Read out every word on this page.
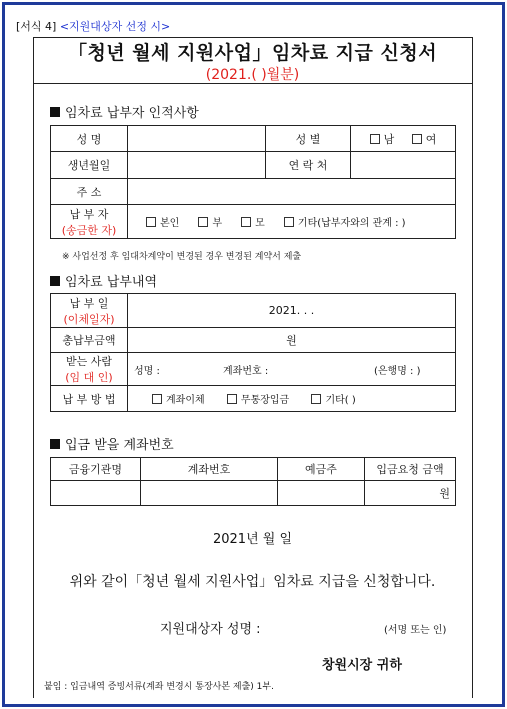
[서식 4] <지원대상자 선정 시>
「청년 월세 지원사업」임차료 지급 신청서
(2021.( )월분)
임차료 납부자 인적사항
성 명		성 별	남 여
생년월일		연 락 처	
주 소			

납 부 자
(송금한 자)	본인 부 모 기타(납부자와의 관계 : )		
※ 사업선정 후 임대차계약이 변경된 경우 변경된 계약서 제출
임차료 납부내역
납 부 일
(이체일자)	2021. . .
총납부금액	원

받는 사람
(임 대 인)	성명 : 계좌번호 : (은행명 : )

납 부 방 법	계좌이체 무통장입금 기타( )
입금 받을 계좌번호
금융기관명	계좌번호	예금주	입금요청 금액
			원
2021년 월 일
위와 같이「청년 월세 지원사업」임차료 지급을 신청합니다.
지원대상자 성명 :	(서명 또는 인)
창원시장 귀하
붙임 : 입금내역 증빙서류(계좌 변경시 통장사본 제출) 1부.
